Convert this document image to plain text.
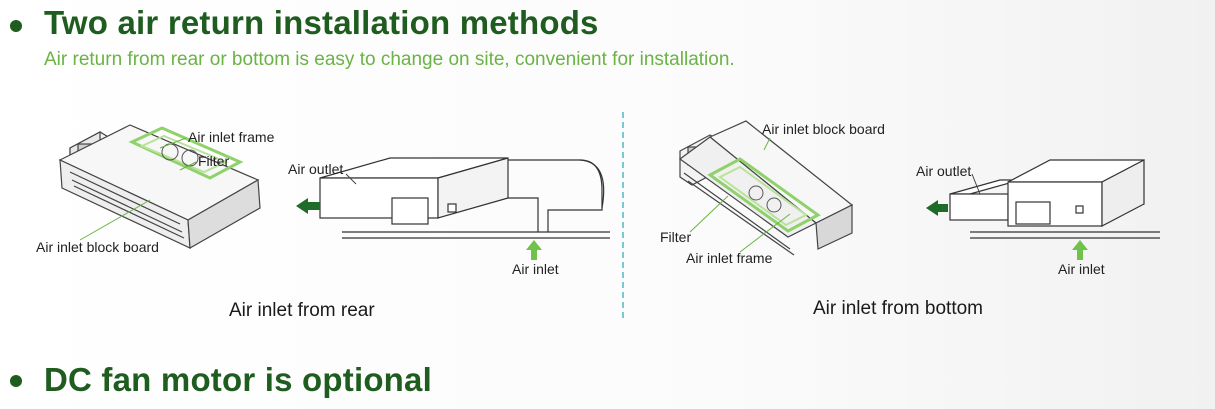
Two air return installation methods
Air return from rear or bottom is easy to change on site, convenient for installation.
Air inlet frame
Filter
Air inlet block board
Air outlet
Air inlet
Air inlet from rear
Air inlet block board
Filter
Air inlet frame
Air outlet
Air inlet
Air inlet from bottom
DC fan motor is optional
